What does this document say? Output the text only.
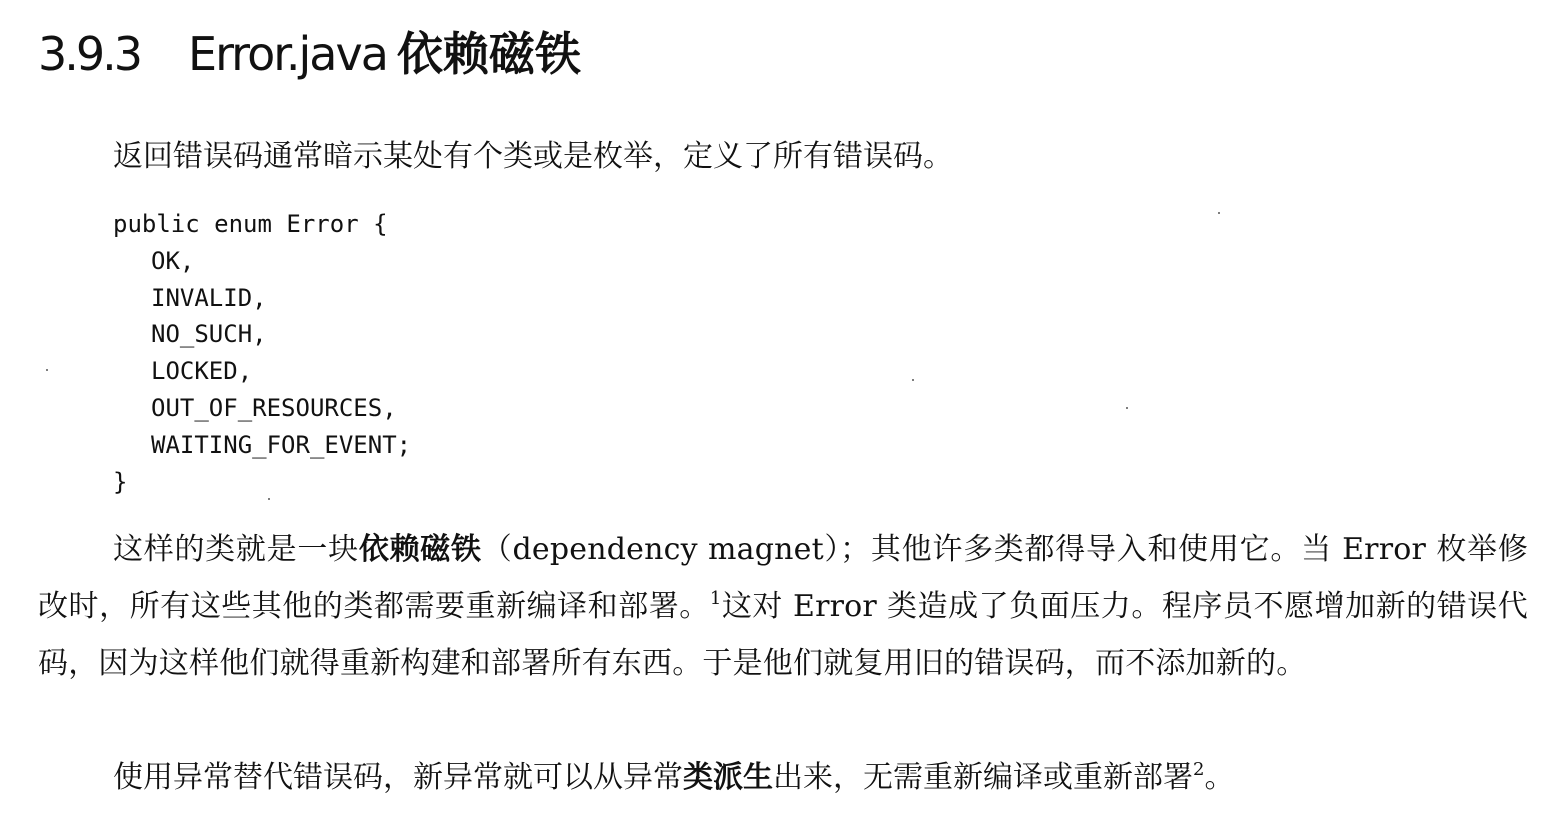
3.9.3 Error.java 依赖磁铁

返回错误码通常暗示某处有个类或是枚举，定义了所有错误码。

public enum Error {
OK,
INVALID,
NO_SUCH,
LOCKED,
OUT_OF_RESOURCES,
WAITING_FOR_EVENT;
}

这样的类就是一块依赖磁铁（dependency magnet）；其他许多类都得导入和使用它。当 Error 枚举修改时，所有这些其他的类都需要重新编译和部署。$^1$这对 Error 类造成了负面压力。程序员不愿增加新的错误代码，因为这样他们就得重新构建和部署所有东西。于是他们就复用旧的错误码，而不添加新的。

使用异常替代错误码，新异常就可以从异常类派生出来，无需重新编译或重新部署$^2$。
